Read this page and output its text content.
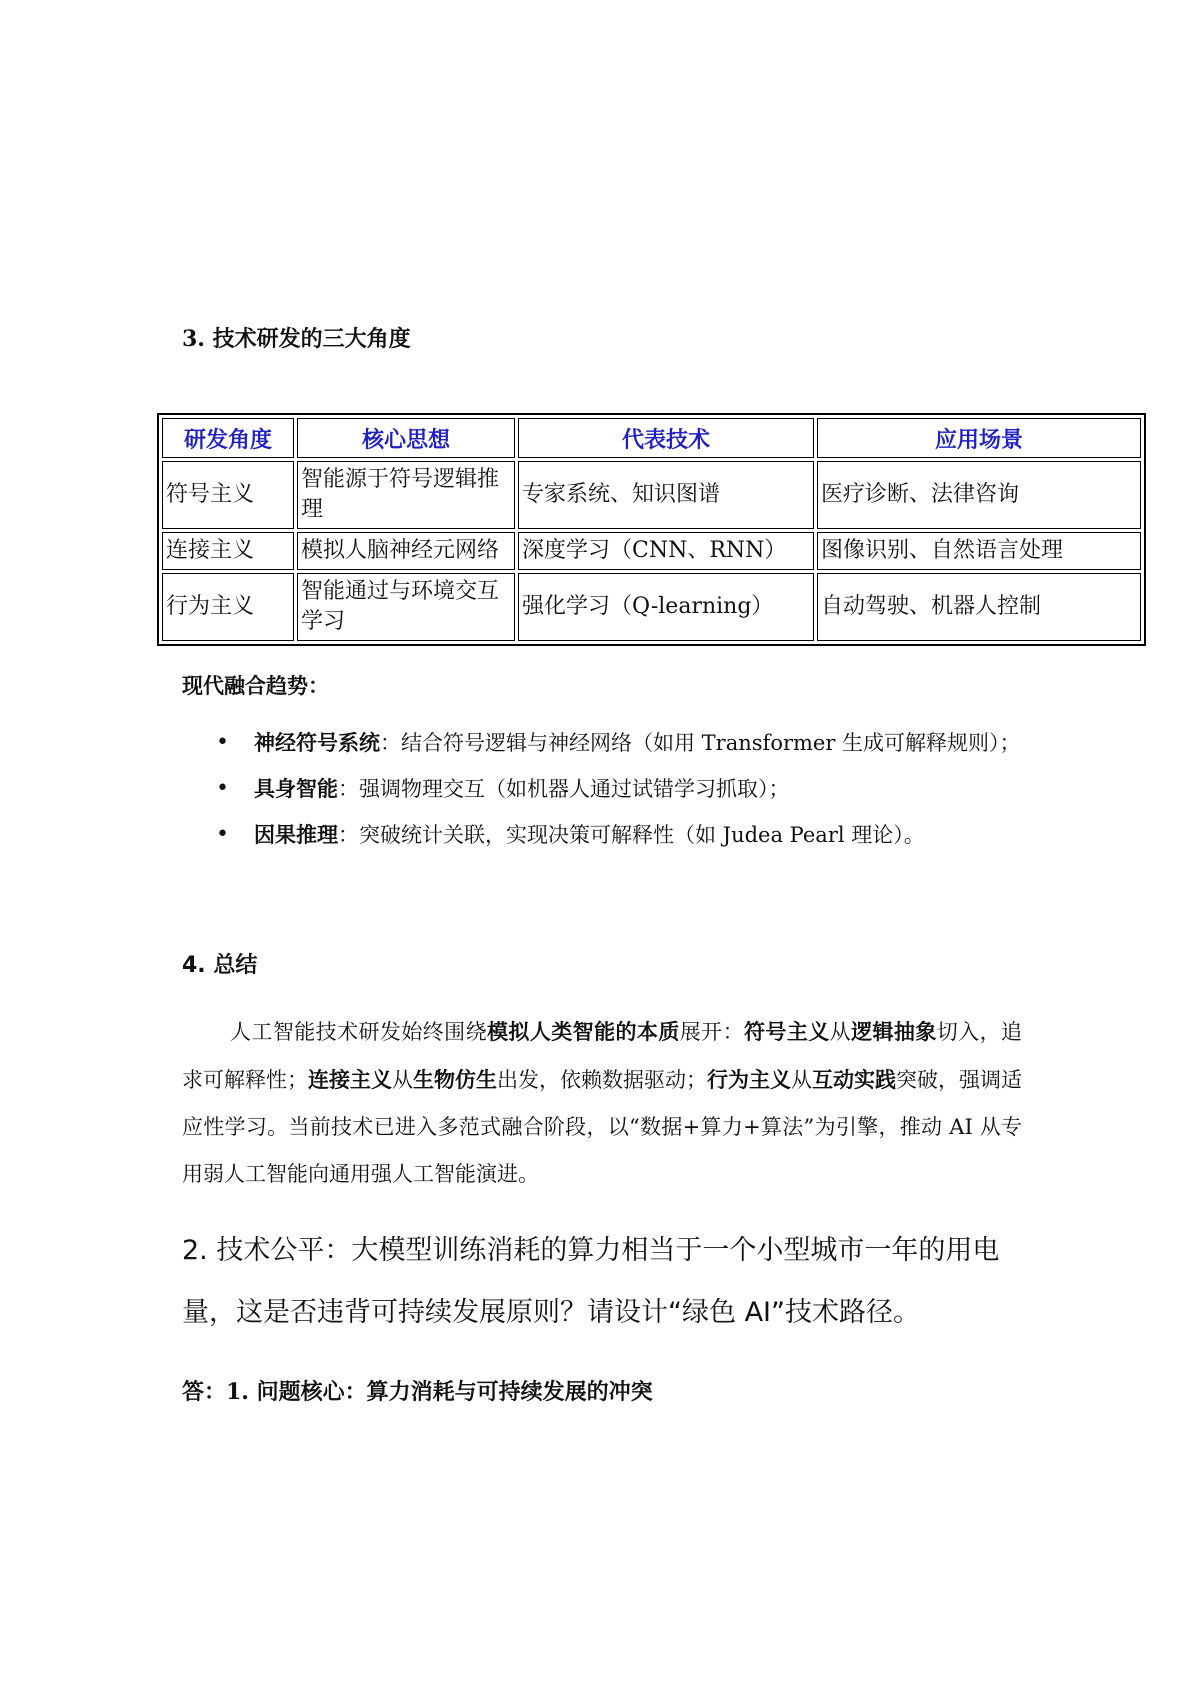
3. 技术研发的三大角度
研发角度	核心思想	代表技术	应用场景
符号主义	智能源于符号逻辑推理	专家系统、知识图谱	医疗诊断、法律咨询
连接主义	模拟人脑神经元网络	深度学习（CNN、RNN）	图像识别、自然语言处理
行为主义	智能通过与环境交互学习	强化学习（Q-learning）	自动驾驶、机器人控制
现代融合趋势：
• 神经符号系统：结合符号逻辑与神经网络（如用 Transformer 生成可解释规则）；
• 具身智能：强调物理交互（如机器人通过试错学习抓取）；
• 因果推理：突破统计关联，实现决策可解释性（如 Judea Pearl 理论）。
4. 总结
人工智能技术研发始终围绕模拟人类智能的本质展开：符号主义从逻辑抽象切入，追求可解释性；连接主义从生物仿生出发，依赖数据驱动；行为主义从互动实践突破，强调适应性学习。当前技术已进入多范式融合阶段，以“数据+算力+算法”为引擎，推动 AI 从专用弱人工智能向通用强人工智能演进。
2. 技术公平：大模型训练消耗的算力相当于一个小型城市一年的用电量，这是否违背可持续发展原则？请设计“绿色 AI”技术路径。
答：1. 问题核心：算力消耗与可持续发展的冲突
